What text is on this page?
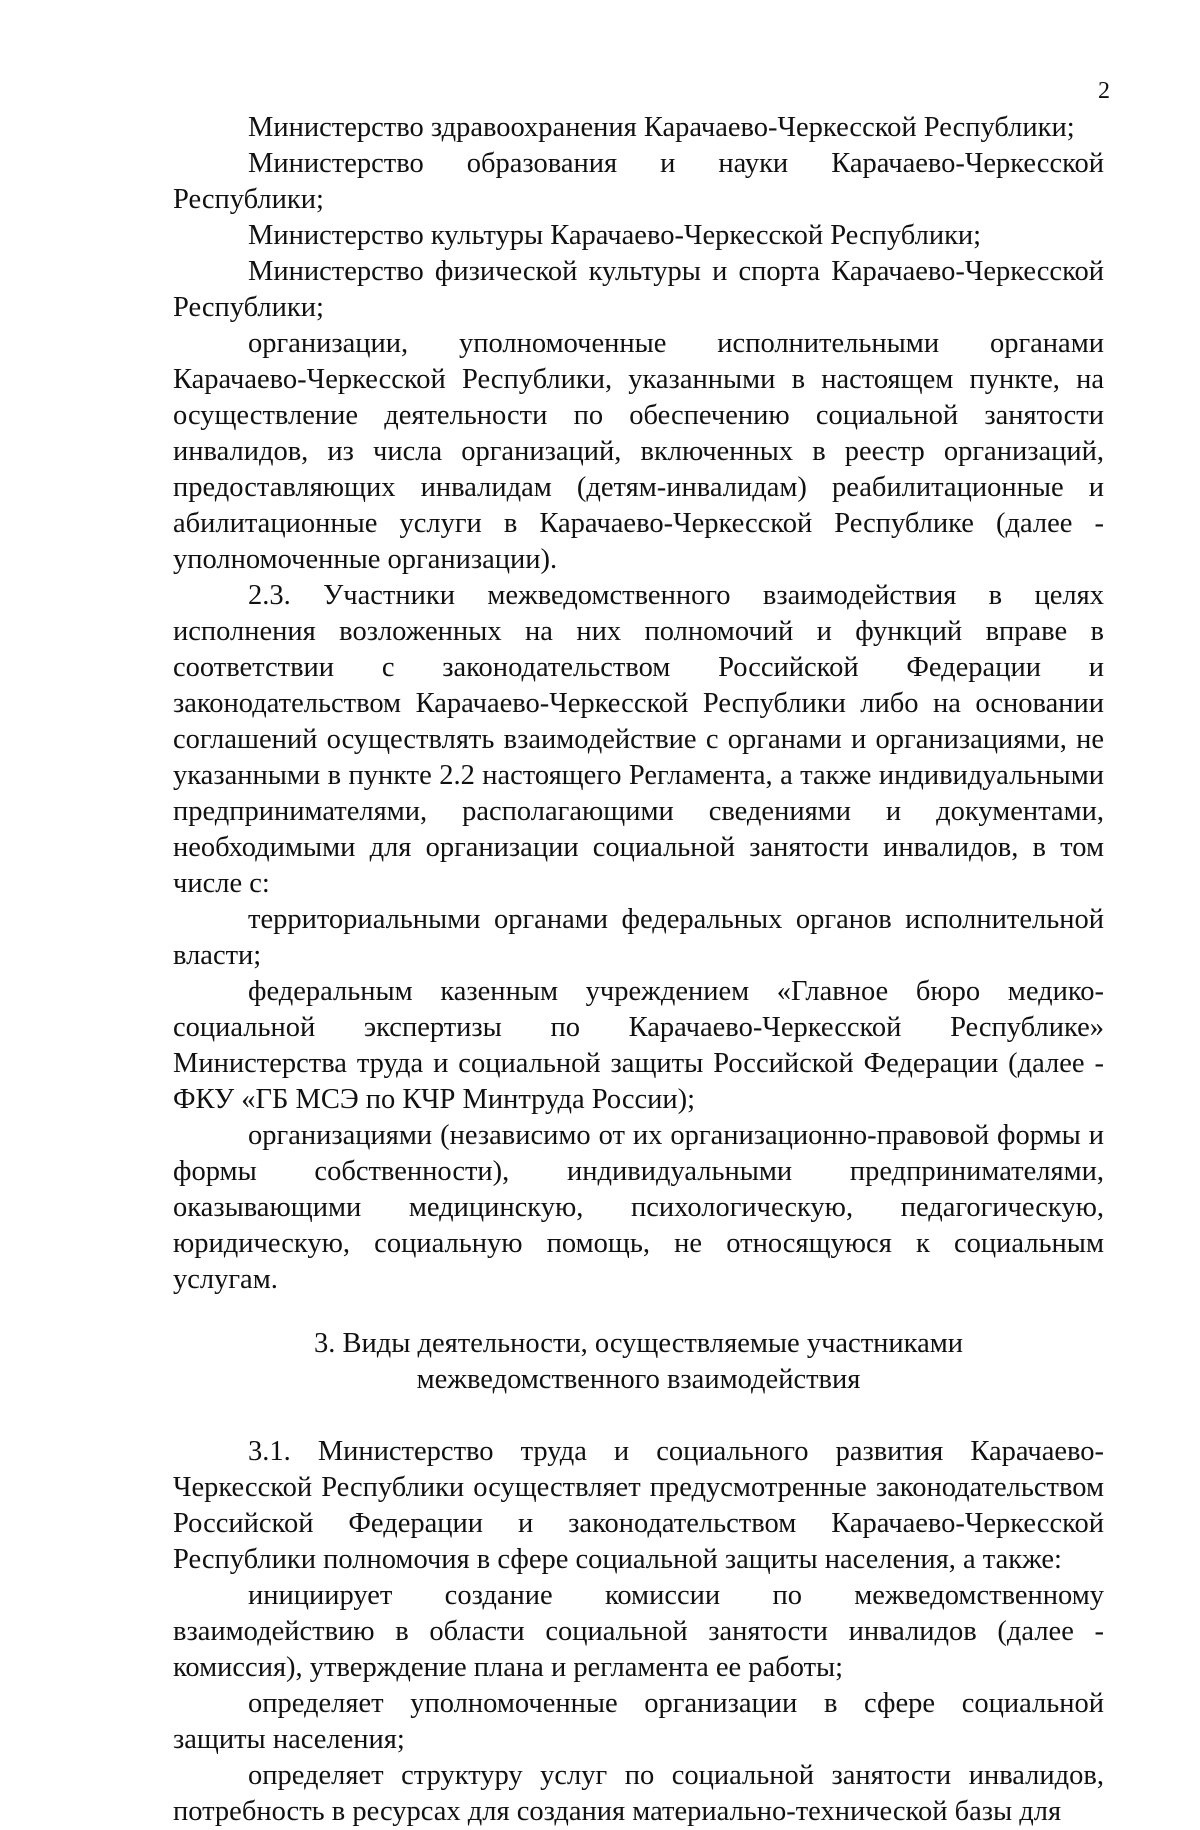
2

Министерство здравоохранения Карачаево-Черкесской Республики;

Министерство образования и науки Карачаево-Черкесской Республики;

Министерство культуры Карачаево-Черкесской Республики;

Министерство физической культуры и спорта Карачаево-Черкесской Республики;

организации, уполномоченные исполнительными органами Карачаево-Черкесской Республики, указанными в настоящем пункте, на осуществление деятельности по обеспечению социальной занятости инвалидов, из числа организаций, включенных в реестр организаций, предоставляющих инвалидам (детям-инвалидам) реабилитационные и абилитационные услуги в Карачаево-Черкесской Республике (далее - уполномоченные организации).

2.3. Участники межведомственного взаимодействия в целях исполнения возложенных на них полномочий и функций вправе в соответствии с законодательством Российской Федерации и законодательством Карачаево-Черкесской Республики либо на основании соглашений осуществлять взаимодействие с органами и организациями, не указанными в пункте 2.2 настоящего Регламента, а также индивидуальными предпринимателями, располагающими сведениями и документами, необходимыми для организации социальной занятости инвалидов, в том числе с:

территориальными органами федеральных органов исполнительной власти;

федеральным казенным учреждением «Главное бюро медико-социальной экспертизы по Карачаево-Черкесской Республике» Министерства труда и социальной защиты Российской Федерации (далее - ФКУ «ГБ МСЭ по КЧР Минтруда России);

организациями (независимо от их организационно-правовой формы и формы собственности), индивидуальными предпринимателями, оказывающими медицинскую, психологическую, педагогическую, юридическую, социальную помощь, не относящуюся к социальным услугам.

3. Виды деятельности, осуществляемые участниками
межведомственного взаимодействия

3.1. Министерство труда и социального развития Карачаево-Черкесской Республики осуществляет предусмотренные законодательством Российской Федерации и законодательством Карачаево-Черкесской Республики полномочия в сфере социальной защиты населения, а также:

инициирует создание комиссии по межведомственному взаимодействию в области социальной занятости инвалидов (далее - комиссия), утверждение плана и регламента ее работы;

определяет уполномоченные организации в сфере социальной защиты населения;

определяет структуру услуг по социальной занятости инвалидов, потребность в ресурсах для создания материально-технической базы для
